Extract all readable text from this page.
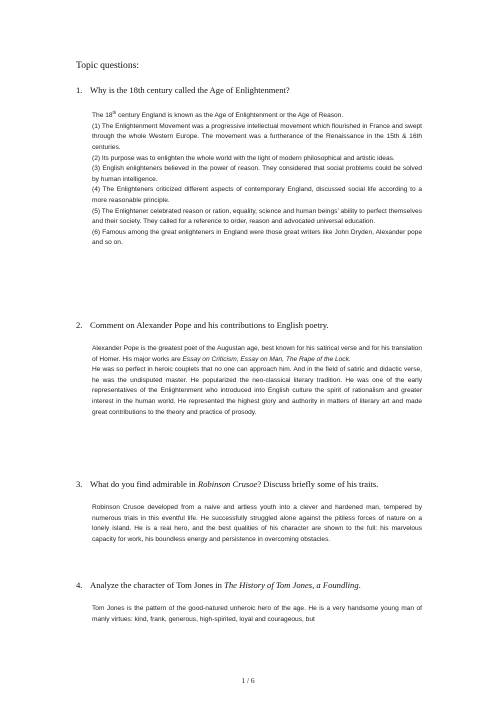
Topic questions:
1. Why is the 18th century called the Age of Enlightenment?

The 18th century England is known as the Age of Enlightenment or the Age of Reason.

(1) The Enlightenment Movement was a progressive intellectual movement which flourished in France and swept through the whole Western Europe. The movement was a furtherance of the Renaissance in the 15th & 16th centuries.

(2) Its purpose was to enlighten the whole world with the light of modern philosophical and artistic ideas.

(3) English enlighteners believed in the power of reason. They considered that social problems could be solved by human intelligence.

(4) The Enlighteners criticized different aspects of contemporary England, discussed social life according to a more reasonable principle.

(5) The Enlightener celebrated reason or ration, equality, science and human beings’ ability to perfect themselves and their society. They called for a reference to order, reason and advocated universal education.

(6) Famous among the great enlighteners in England were those great writers like John Dryden, Alexander pope and so on.

2. Comment on Alexander Pope and his contributions to English poetry.

Alexander Pope is the greatest poet of the Augustan age, best known for his satirical verse and for his translation of Homer. His major works are Essay on Criticism, Essay on Man, The Rape of the Lock.

He was so perfect in heroic couplets that no one can approach him. And in the field of satiric and didactic verse, he was the undisputed master. He popularized the neo-classical literary tradition. He was one of the early representatives of the Enlightenment who introduced into English culture the spirit of rationalism and greater interest in the human world. He represented the highest glory and authority in matters of literary art and made great contributions to the theory and practice of prosody.

3. What do you find admirable in Robinson Crusoe? Discuss briefly some of his traits.

Robinson Crusoe developed from a naive and artless youth into a clever and hardened man, tempered by numerous trials in this eventful life. He successfully struggled alone against the pitiless forces of nature on a lonely island. He is a real hero, and the best qualities of his character are shown to the full: his marvelous capacity for work, his boundless energy and persistence in overcoming obstacles.

4. Analyze the character of Tom Jones in The History of Tom Jones, a Foundling.

Tom Jones is the pattern of the good-natured unheroic hero of the age. He is a very handsome young man of manly virtues: kind, frank, generous, high-spirited, loyal and courageous, but

1 / 6
